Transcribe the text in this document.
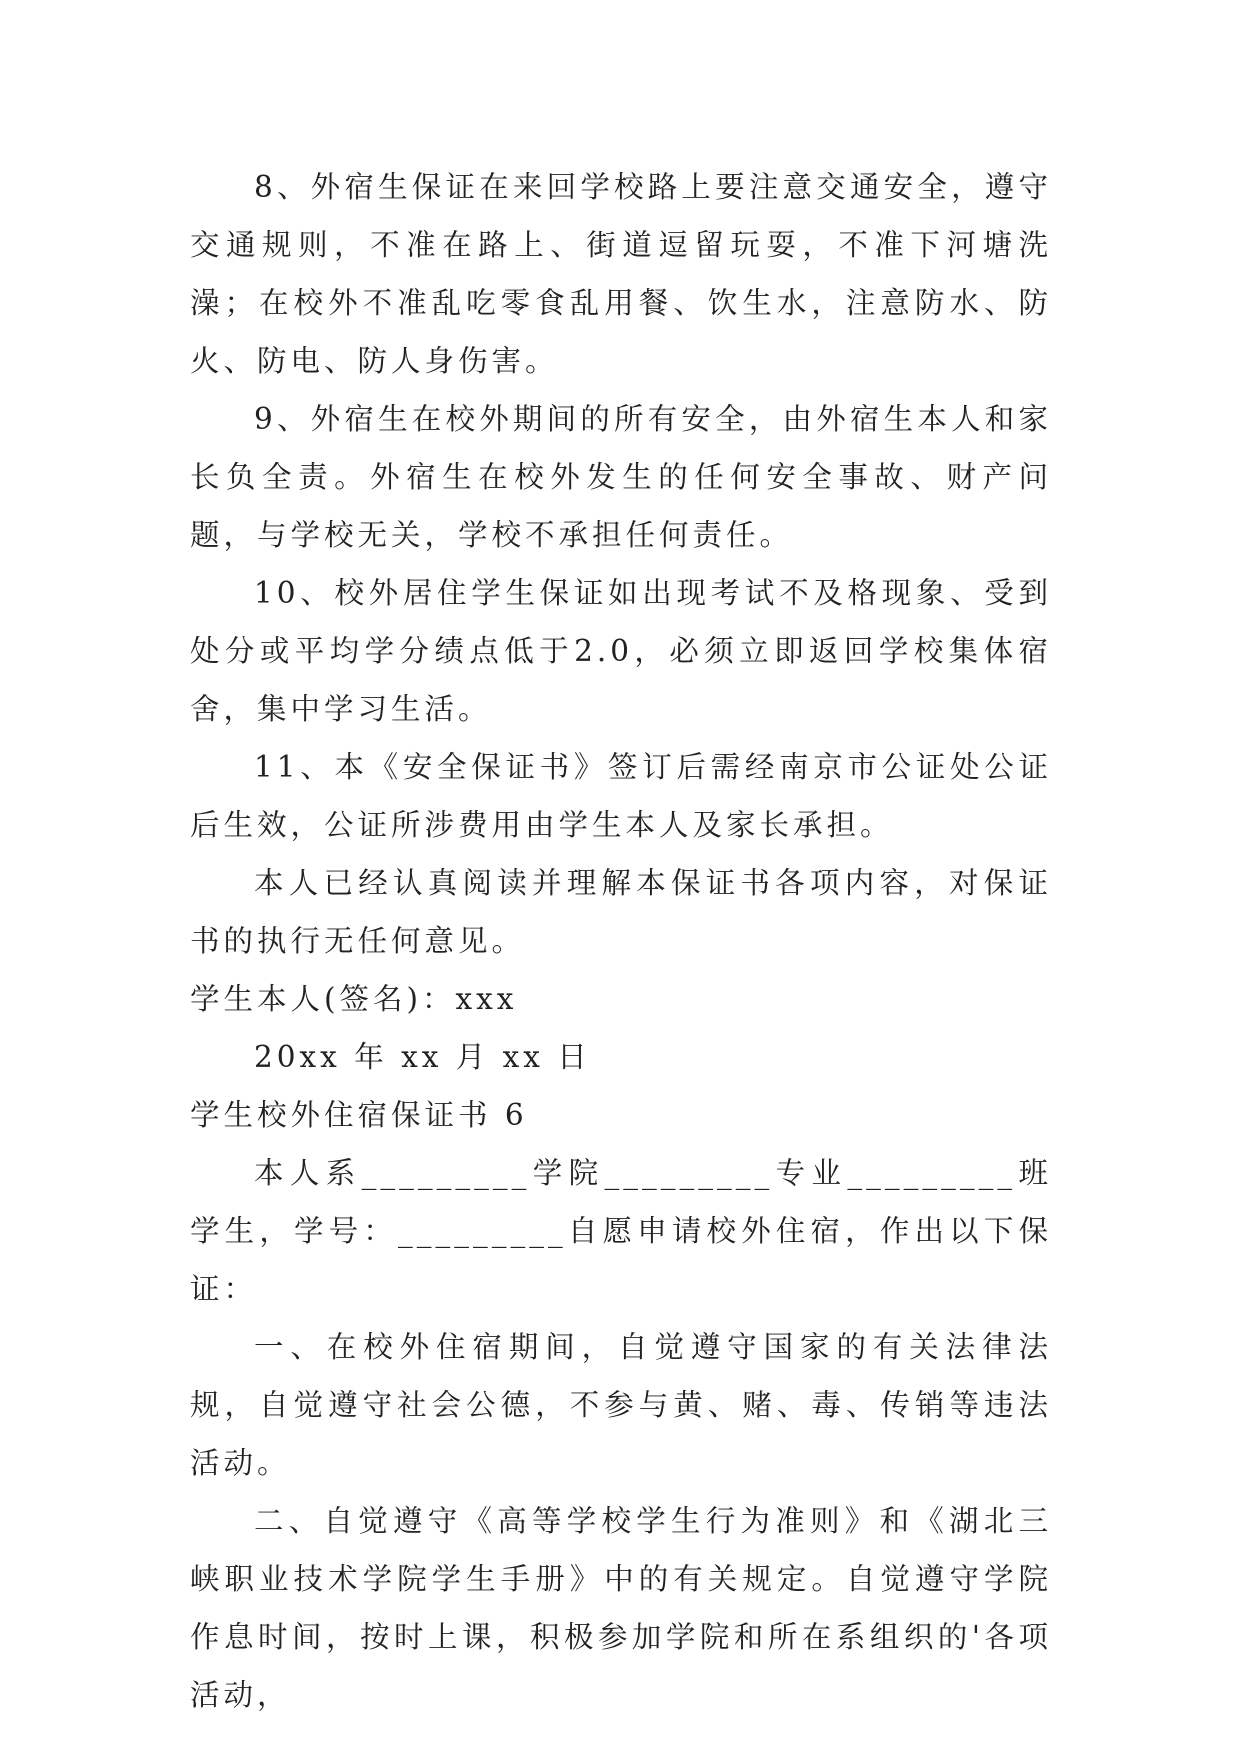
8、外宿生保证在来回学校路上要注意交通安全，遵守交通规则，不准在路上、街道逗留玩耍，不准下河塘洗澡；在校外不准乱吃零食乱用餐、饮生水，注意防水、防火、防电、防人身伤害。

9、外宿生在校外期间的所有安全，由外宿生本人和家长负全责。外宿生在校外发生的任何安全事故、财产问题，与学校无关，学校不承担任何责任。

10、校外居住学生保证如出现考试不及格现象、受到处分或平均学分绩点低于2.0，必须立即返回学校集体宿舍，集中学习生活。

11、本《安全保证书》签订后需经南京市公证处公证后生效，公证所涉费用由学生本人及家长承担。

本人已经认真阅读并理解本保证书各项内容，对保证书的执行无任何意见。

学生本人(签名)：xxx

20xx 年 xx 月 xx 日

学生校外住宿保证书 6

本人系_________学院_________专业_________班学生，学号：_________自愿申请校外住宿，作出以下保证：

一、在校外住宿期间，自觉遵守国家的有关法律法规，自觉遵守社会公德，不参与黄、赌、毒、传销等违法活动。

二、自觉遵守《高等学校学生行为准则》和《湖北三峡职业技术学院学生手册》中的有关规定。自觉遵守学院作息时间，按时上课，积极参加学院和所在系组织的'各项活动，
